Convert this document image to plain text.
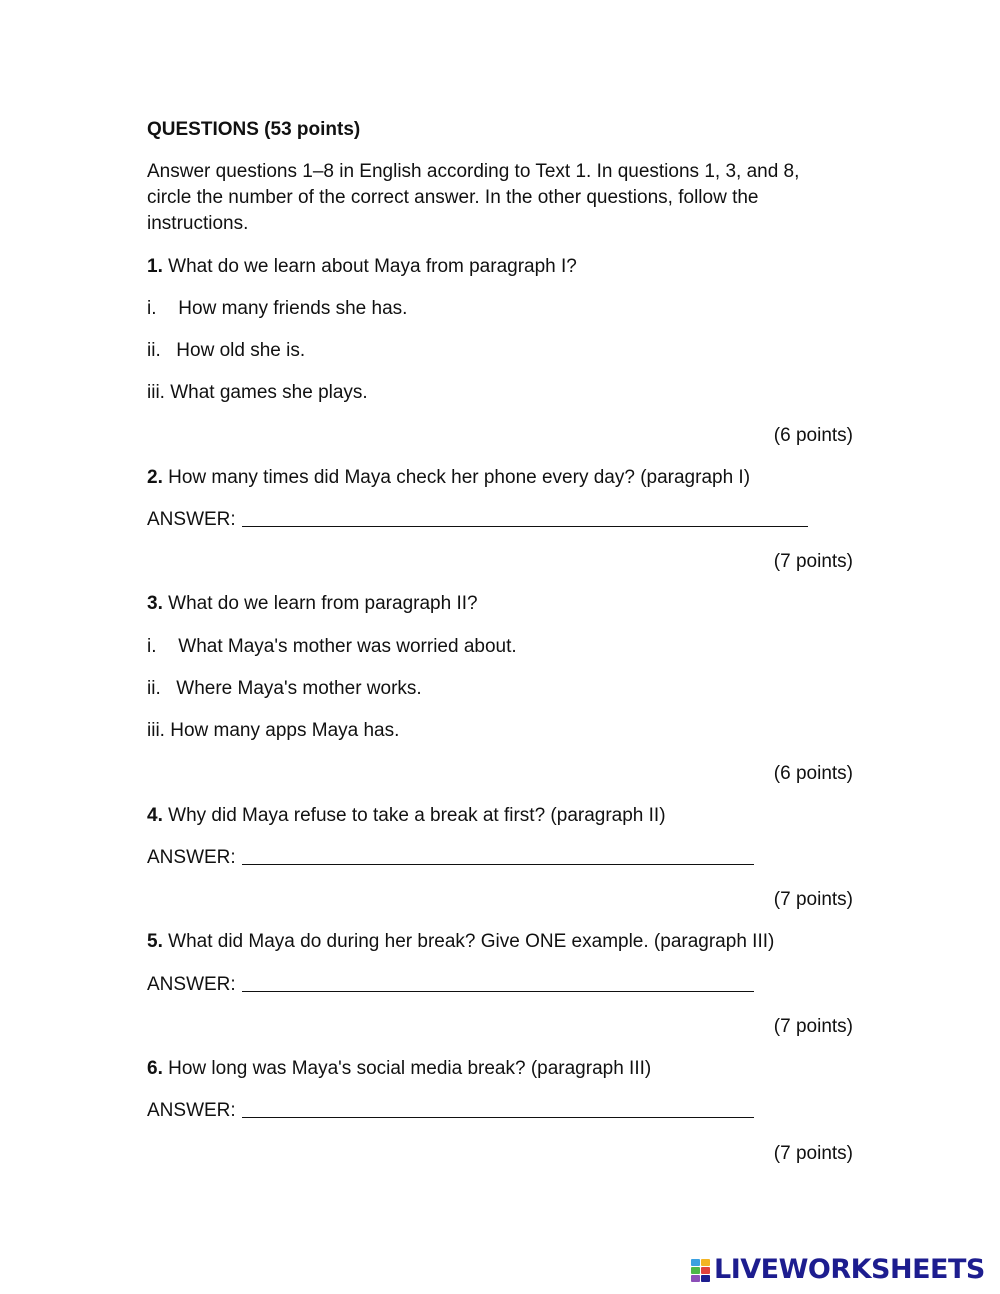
QUESTIONS (53 points)
Answer questions 1–8 in English according to Text 1. In questions 1, 3, and 8, circle the number of the correct answer. In the other questions, follow the instructions.
1. What do we learn about Maya from paragraph I?
i. How many friends she has.
ii. How old she is.
iii. What games she plays.
(6 points)
2. How many times did Maya check her phone every day? (paragraph I)
ANSWER:
(7 points)
3. What do we learn from paragraph II?
i. What Maya's mother was worried about.
ii. Where Maya's mother works.
iii. How many apps Maya has.
(6 points)
4. Why did Maya refuse to take a break at first? (paragraph II)
ANSWER:
(7 points)
5. What did Maya do during her break? Give ONE example. (paragraph III)
ANSWER:
(7 points)
6. How long was Maya's social media break? (paragraph III)
ANSWER:
(7 points)
LIVEWORKSHEETS
